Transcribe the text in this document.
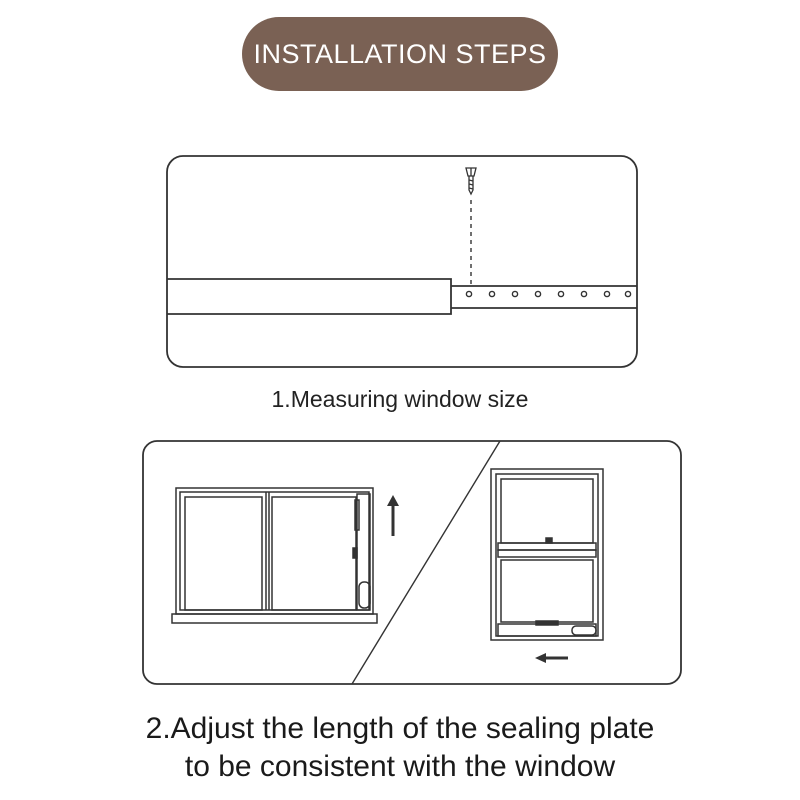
INSTALLATION STEPS
1.Measuring window size
2.Adjust the length of the sealing plate
to be consistent with the window
